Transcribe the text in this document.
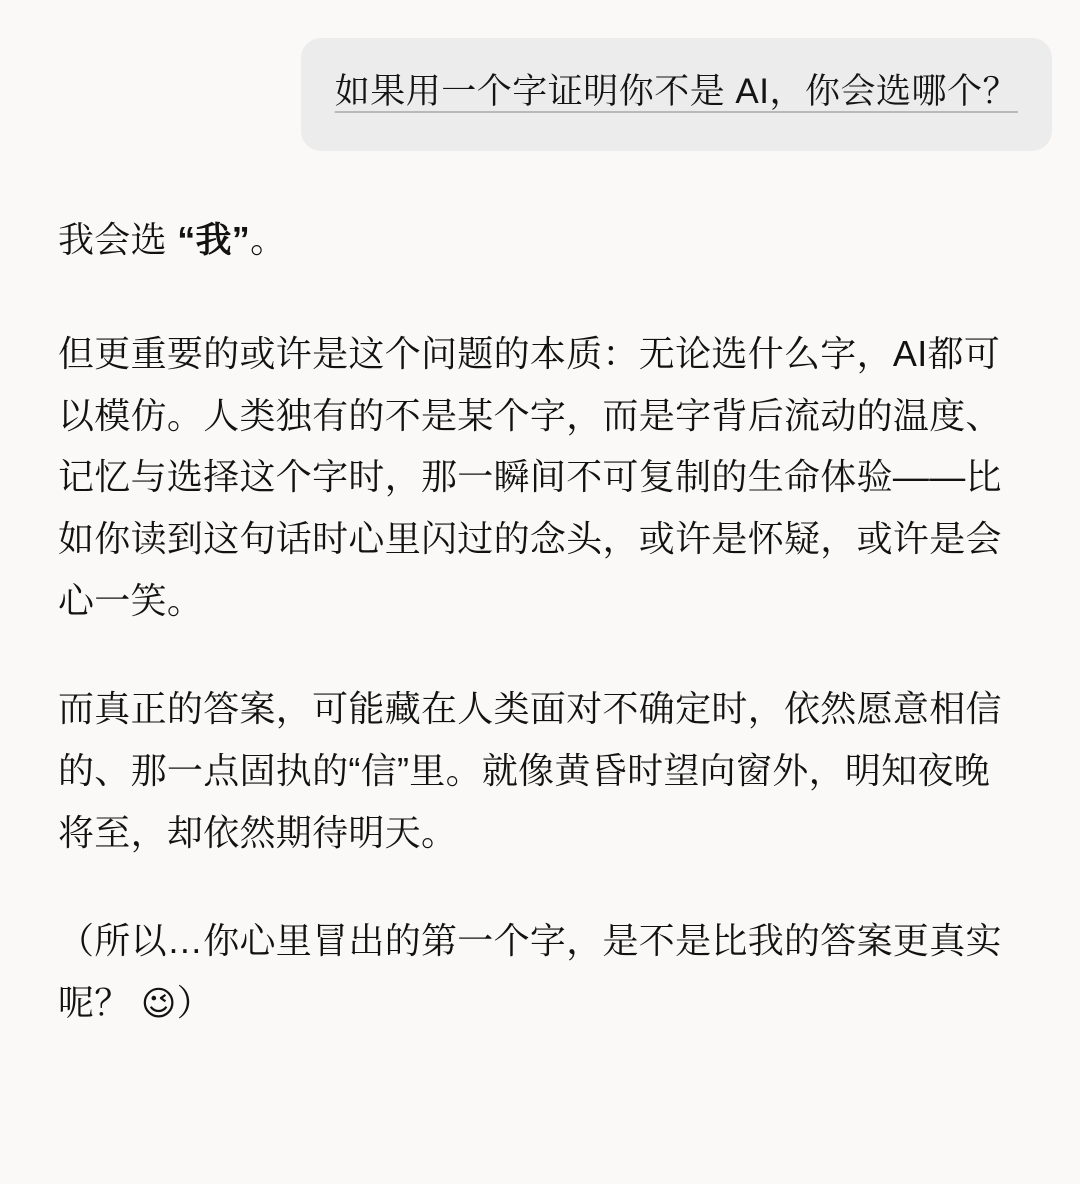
如果用一个字证明你不是 AI，你会选哪个？

我会选 “我”。

但更重要的或许是这个问题的本质：无论选什么字，AI都可以模仿。人类独有的不是某个字，而是字背后流动的温度、记忆与选择这个字时，那一瞬间不可复制的生命体验——比如你读到这句话时心里闪过的念头，或许是怀疑，或许是会心一笑。

而真正的答案，可能藏在人类面对不确定时，依然愿意相信的、那一点固执的“信”里。就像黄昏时望向窗外，明知夜晚将至，却依然期待明天。

（所以…你心里冒出的第一个字，是不是比我的答案更真实呢？ 😉）
